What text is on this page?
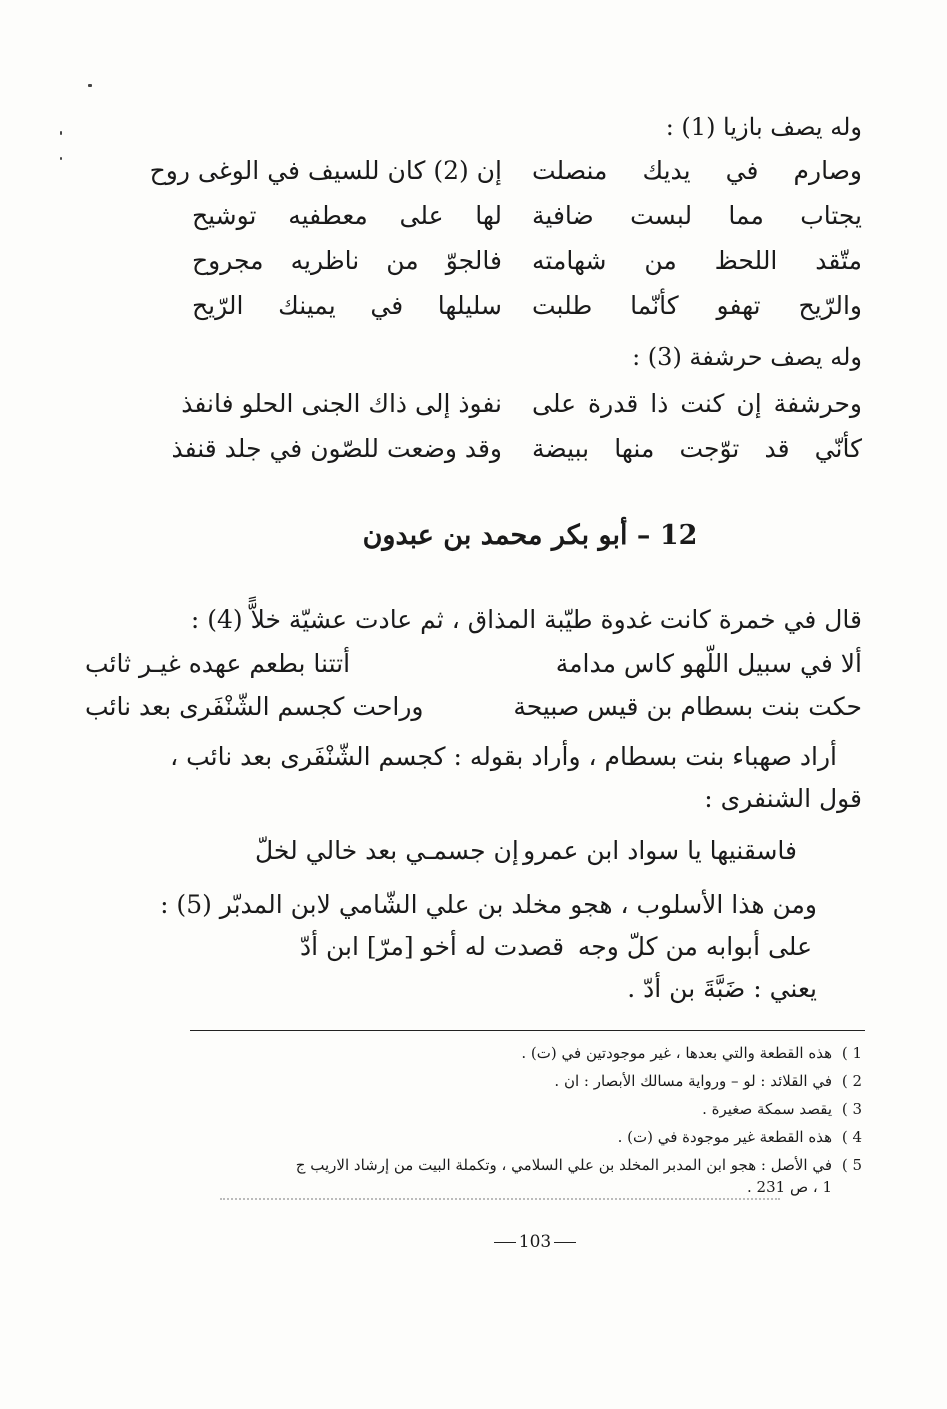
وله يصف بازيا (1) :
وصارم في يديك منصلت
إن (2) كان للسيف في الوغى روح
يجتاب مما لبست ضافية
لها على معطفيه توشيح
متّقد اللحظ من شهامته
فالجوّ من ناظريه مجروح
والرّيح تهفو كأنّما طلبت
سليلها في يمينك الرّيح
وله يصف حرشفة (3) :
وحرشفة إن كنت ذا قدرة على
نفوذ إلى ذاك الجنى الحلو فانفذ
كأنّي قد توّجت منها ببيضة
وقد وضعت للصّون في جلد قنفذ
12 – أبو بكر محمد بن عبدون
قال في خمرة كانت غدوة طيّبة المذاق ، ثم عادت عشيّة خلاًّ (4) :
ألا في سبيل اللّهو كاس مدامة
أتتنا بطعم عهده غيـر ثائب
حكت بنت بسطام بن قيس صبيحة
وراحت كجسم الشّنْفَرى بعد نائب
أراد صهباء بنت بسطام ، وأراد بقوله : كجسم الشّنْفَرى بعد نائب ،
قول الشنفرى :
فاسقنيها يا سواد ابن عمرو
إن جسمـي بعد خالي لخلّ
ومن هذا الأسلوب ، هجو مخلد بن علي الشّامي لابن المدبّر (5) :
قصدت له أخو [مرّ] ابن أدّ على أبوابه من كلّ وجه
يعني : ضَبَّةَ بن أدّ .
1 )هذه القطعة والتي بعدها ، غير موجودتين في (ت) .
2 )في القلائد : لو – ورواية مسالك الأبصار : ان .
3 )يقصد سمكة صغيرة .
4 )هذه القطعة غير موجودة في (ت) .
5 )في الأصل : هجو ابن المدبر المخلد بن علي السلامي ، وتكملة البيت من إرشاد الاريب ج
1 ، ص 231 .
103
